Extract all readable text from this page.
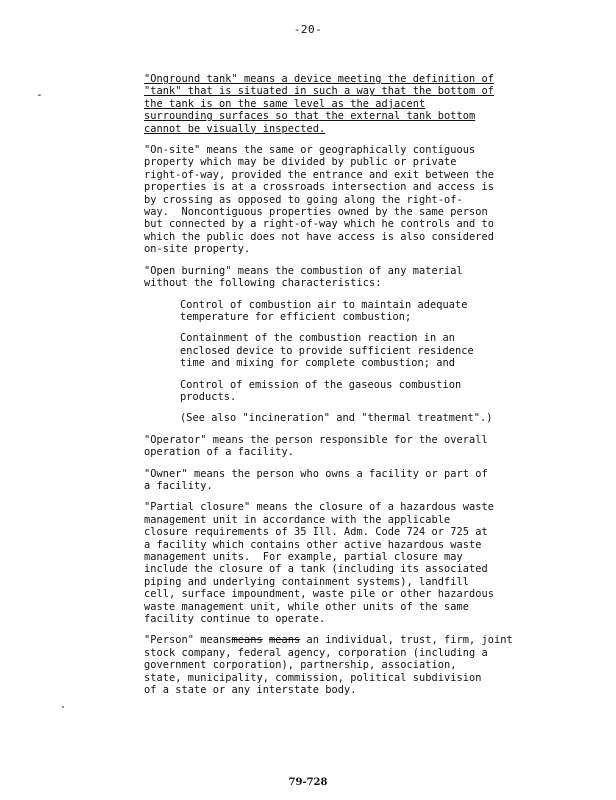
-20-
-
"Onground tank" means a device meeting the definition of
"tank" that is situated in such a way that the bottom of
the tank is on the same level as the adjacent
surrounding surfaces so that the external tank bottom
cannot be visually inspected.
"On-site" means the same or geographically contiguous
property which may be divided by public or private
right-of-way, provided the entrance and exit between the
properties is at a crossroads intersection and access is
by crossing as opposed to going along the right-of-
way.  Noncontiguous properties owned by the same person
but connected by a right-of-way which he controls and to
which the public does not have access is also considered
on-site property.
"Open burning" means the combustion of any material
without the following characteristics:
Control of combustion air to maintain adequate
temperature for efficient combustion;
Containment of the combustion reaction in an
enclosed device to provide sufficient residence
time and mixing for complete combustion; and
Control of emission of the gaseous combustion
products.
(See also "incineration" and "thermal treatment".)
"Operator" means the person responsible for the overall
operation of a facility.
"Owner" means the person who owns a facility or part of
a facility.
"Partial closure" means the closure of a hazardous waste
management unit in accordance with the applicable
closure requirements of 35 Ill. Adm. Code 724 or 725 at
a facility which contains other active hazardous waste
management units.  For example, partial closure may
include the closure of a tank (including its associated
piping and underlying containment systems), landfill
cell, surface impoundment, waste pile or other hazardous
waste management unit, while other units of the same
facility continue to operate.
"Person" meansmeans means an individual, trust, firm, joint
stock company, federal agency, corporation (including a
government corporation), partnership, association,
state, municipality, commission, political subdivision
of a state or any interstate body.
79-728
